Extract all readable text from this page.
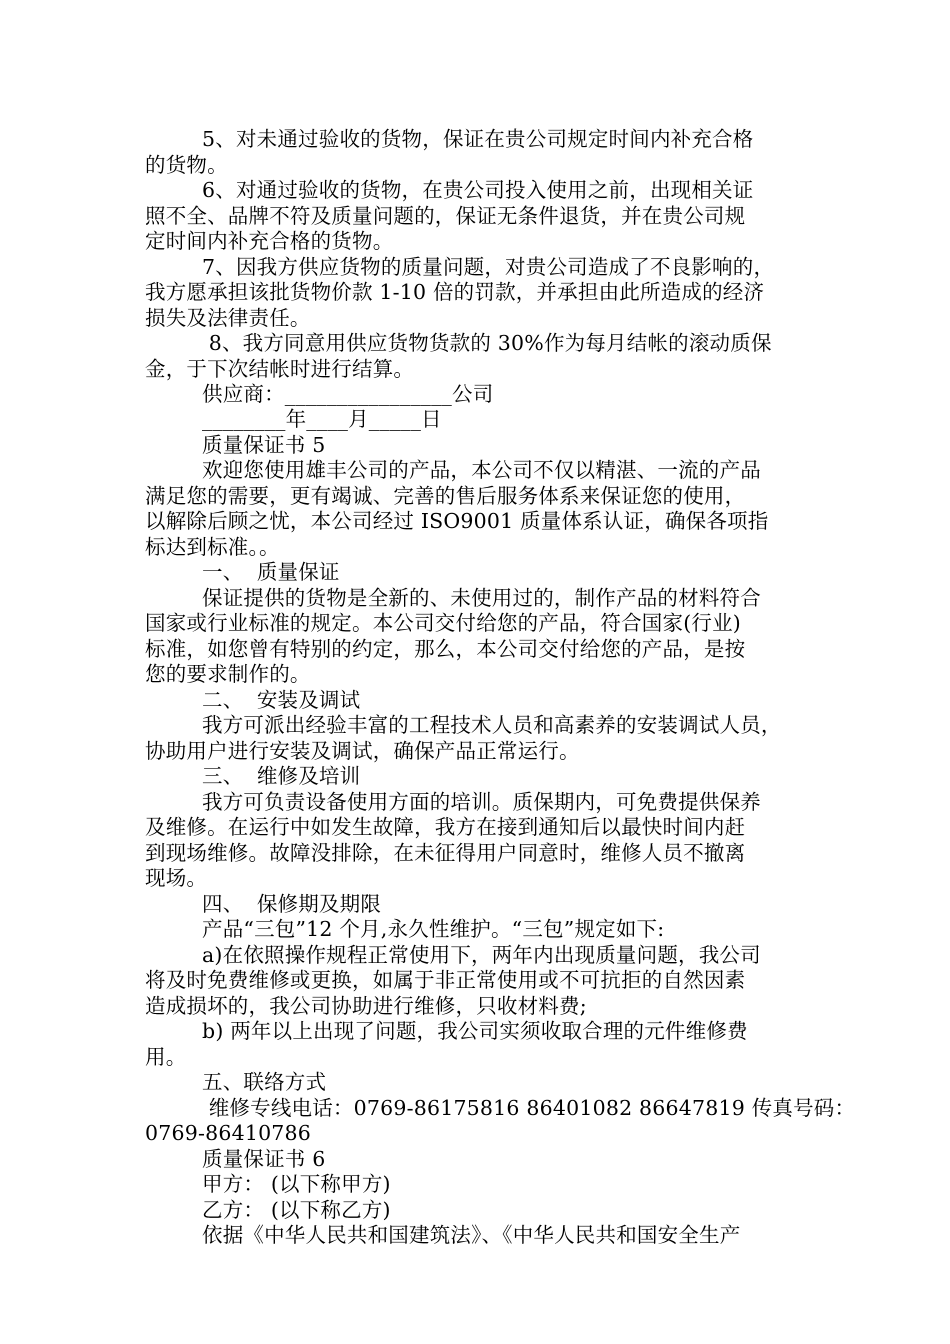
5、对未通过验收的货物，保证在贵公司规定时间内补充合格
的货物。
6、对通过验收的货物，在贵公司投入使用之前，出现相关证
照不全、品牌不符及质量问题的，保证无条件退货，并在贵公司规
定时间内补充合格的货物。
7、因我方供应货物的质量问题，对贵公司造成了不良影响的，
我方愿承担该批货物价款 1-10 倍的罚款，并承担由此所造成的经济
损失及法律责任。
8、我方同意用供应货物货款的 30%作为每月结帐的滚动质保
金，于下次结帐时进行结算。
供应商：________________公司
________年____月_____日
质量保证书 5
欢迎您使用雄丰公司的产品，本公司不仅以精湛、一流的产品
满足您的需要，更有竭诚、完善的售后服务体系来保证您的使用，
以解除后顾之忧，本公司经过 ISO9001 质量体系认证，确保各项指
标达到标准。。
一、  质量保证
保证提供的货物是全新的、未使用过的，制作产品的材料符合
国家或行业标准的规定。本公司交付给您的产品，符合国家(行业)
标准，如您曾有特别的约定，那么，本公司交付给您的产品，是按
您的要求制作的。
二、  安装及调试
我方可派出经验丰富的工程技术人员和高素养的安装调试人员，
协助用户进行安装及调试，确保产品正常运行。
三、  维修及培训
我方可负责设备使用方面的培训。质保期内，可免费提供保养
及维修。在运行中如发生故障，我方在接到通知后以最快时间内赶
到现场维修。故障没排除，在未征得用户同意时，维修人员不撤离
现场。
四、  保修期及期限
产品“三包”12 个月,永久性维护。“三包”规定如下:
a)在依照操作规程正常使用下，两年内出现质量问题，我公司
将及时免费维修或更换，如属于非正常使用或不可抗拒的自然因素
造成损坏的，我公司协助进行维修，只收材料费;
b) 两年以上出现了问题，我公司实须收取合理的元件维修费
用。
五、联络方式
维修专线电话：0769-86175816 86401082 86647819 传真号码：
0769-86410786
质量保证书 6
甲方： (以下称甲方)
乙方： (以下称乙方)
依据《中华人民共和国建筑法》、《中华人民共和国安全生产
